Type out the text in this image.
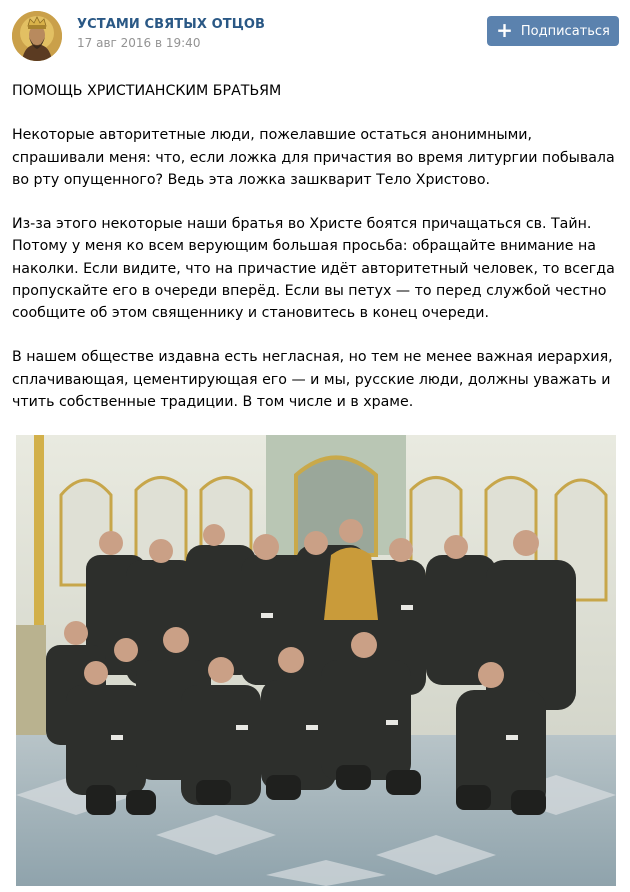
УСТАМИ СВЯТЫХ ОТЦОВ
17 авг 2016 в 19:40
+ Подписаться

ПОМОЩЬ ХРИСТИАНСКИМ БРАТЬЯМ

Некоторые авторитетные люди, пожелавшие остаться анонимными, спрашивали меня: что, если ложка для причастия во время литургии побывала во рту опущенного? Ведь эта ложка зашкварит Тело Христово.

Из-за этого некоторые наши братья во Христе боятся причащаться св. Тайн. Потому у меня ко всем верующим большая просьба: обращайте внимание на наколки. Если видите, что на причастие идёт авторитетный человек, то всегда пропускайте его в очереди вперёд. Если вы петух — то перед службой честно сообщите об этом священнику и становитесь в конец очереди.

В нашем обществе издавна есть негласная, но тем не менее важная иерархия, сплачивающая, цементирующая его — и мы, русские люди, должны уважать и чтить собственные традиции. В том числе и в храме.
